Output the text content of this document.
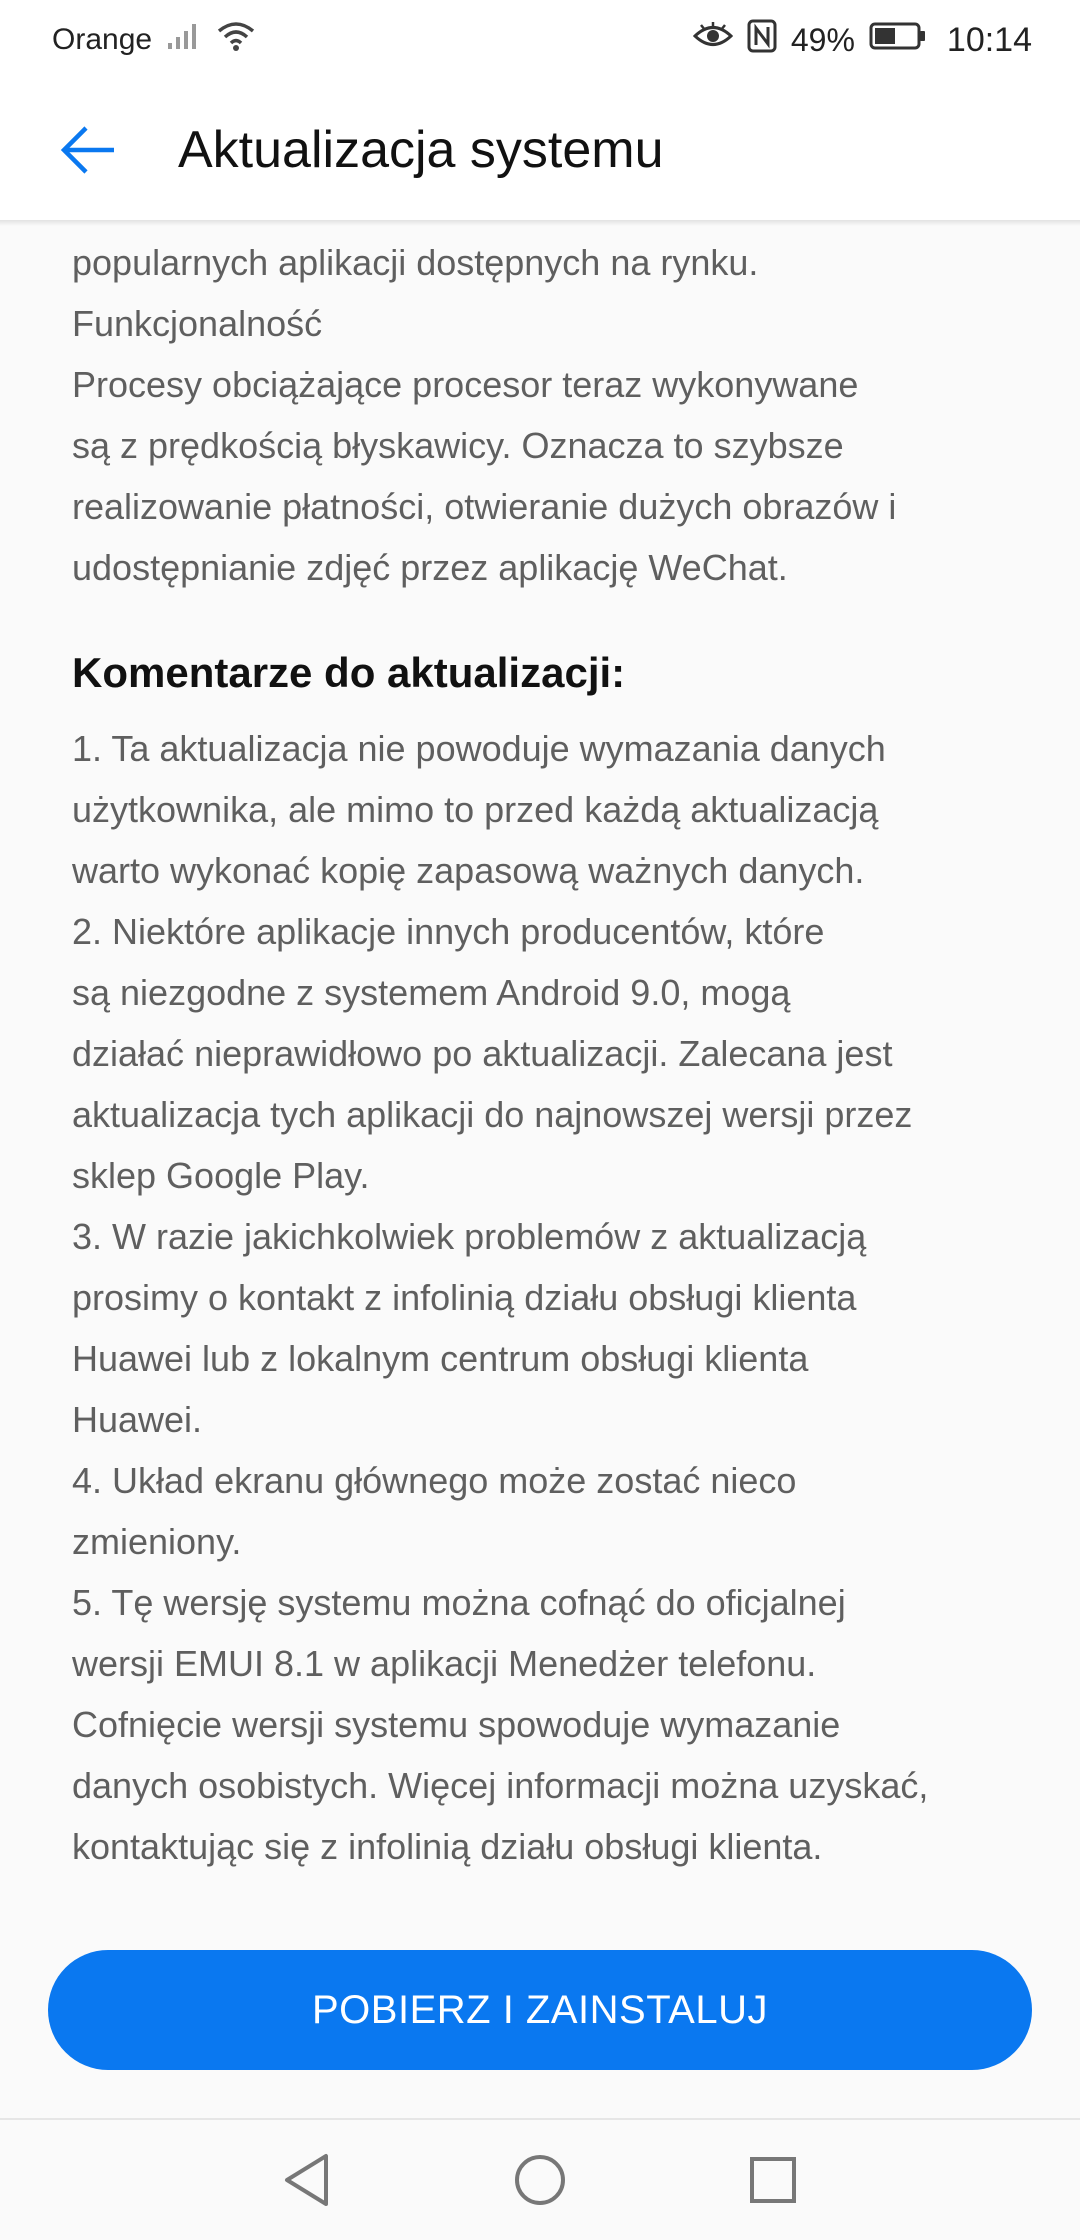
Orange	49%	10:14
Aktualizacja systemu

popularnych aplikacji dostępnych na rynku.

Funkcjonalność

Procesy obciążające procesor teraz wykonywane

są z prędkością błyskawicy. Oznacza to szybsze

realizowanie płatności, otwieranie dużych obrazów i

udostępnianie zdjęć przez aplikację WeChat.

Komentarze do aktualizacji:

1. Ta aktualizacja nie powoduje wymazania danych

użytkownika, ale mimo to przed każdą aktualizacją

warto wykonać kopię zapasową ważnych danych.

2. Niektóre aplikacje innych producentów, które

są niezgodne z systemem Android 9.0, mogą

działać nieprawidłowo po aktualizacji. Zalecana jest

aktualizacja tych aplikacji do najnowszej wersji przez

sklep Google Play.

3. W razie jakichkolwiek problemów z aktualizacją

prosimy o kontakt z infolinią działu obsługi klienta

Huawei lub z lokalnym centrum obsługi klienta

Huawei.

4. Układ ekranu głównego może zostać nieco

zmieniony.

5. Tę wersję systemu można cofnąć do oficjalnej

wersji EMUI 8.1 w aplikacji Menedżer telefonu.

Cofnięcie wersji systemu spowoduje wymazanie

danych osobistych. Więcej informacji można uzyskać,

kontaktując się z infolinią działu obsługi klienta.

POBIERZ I ZAINSTALUJ
